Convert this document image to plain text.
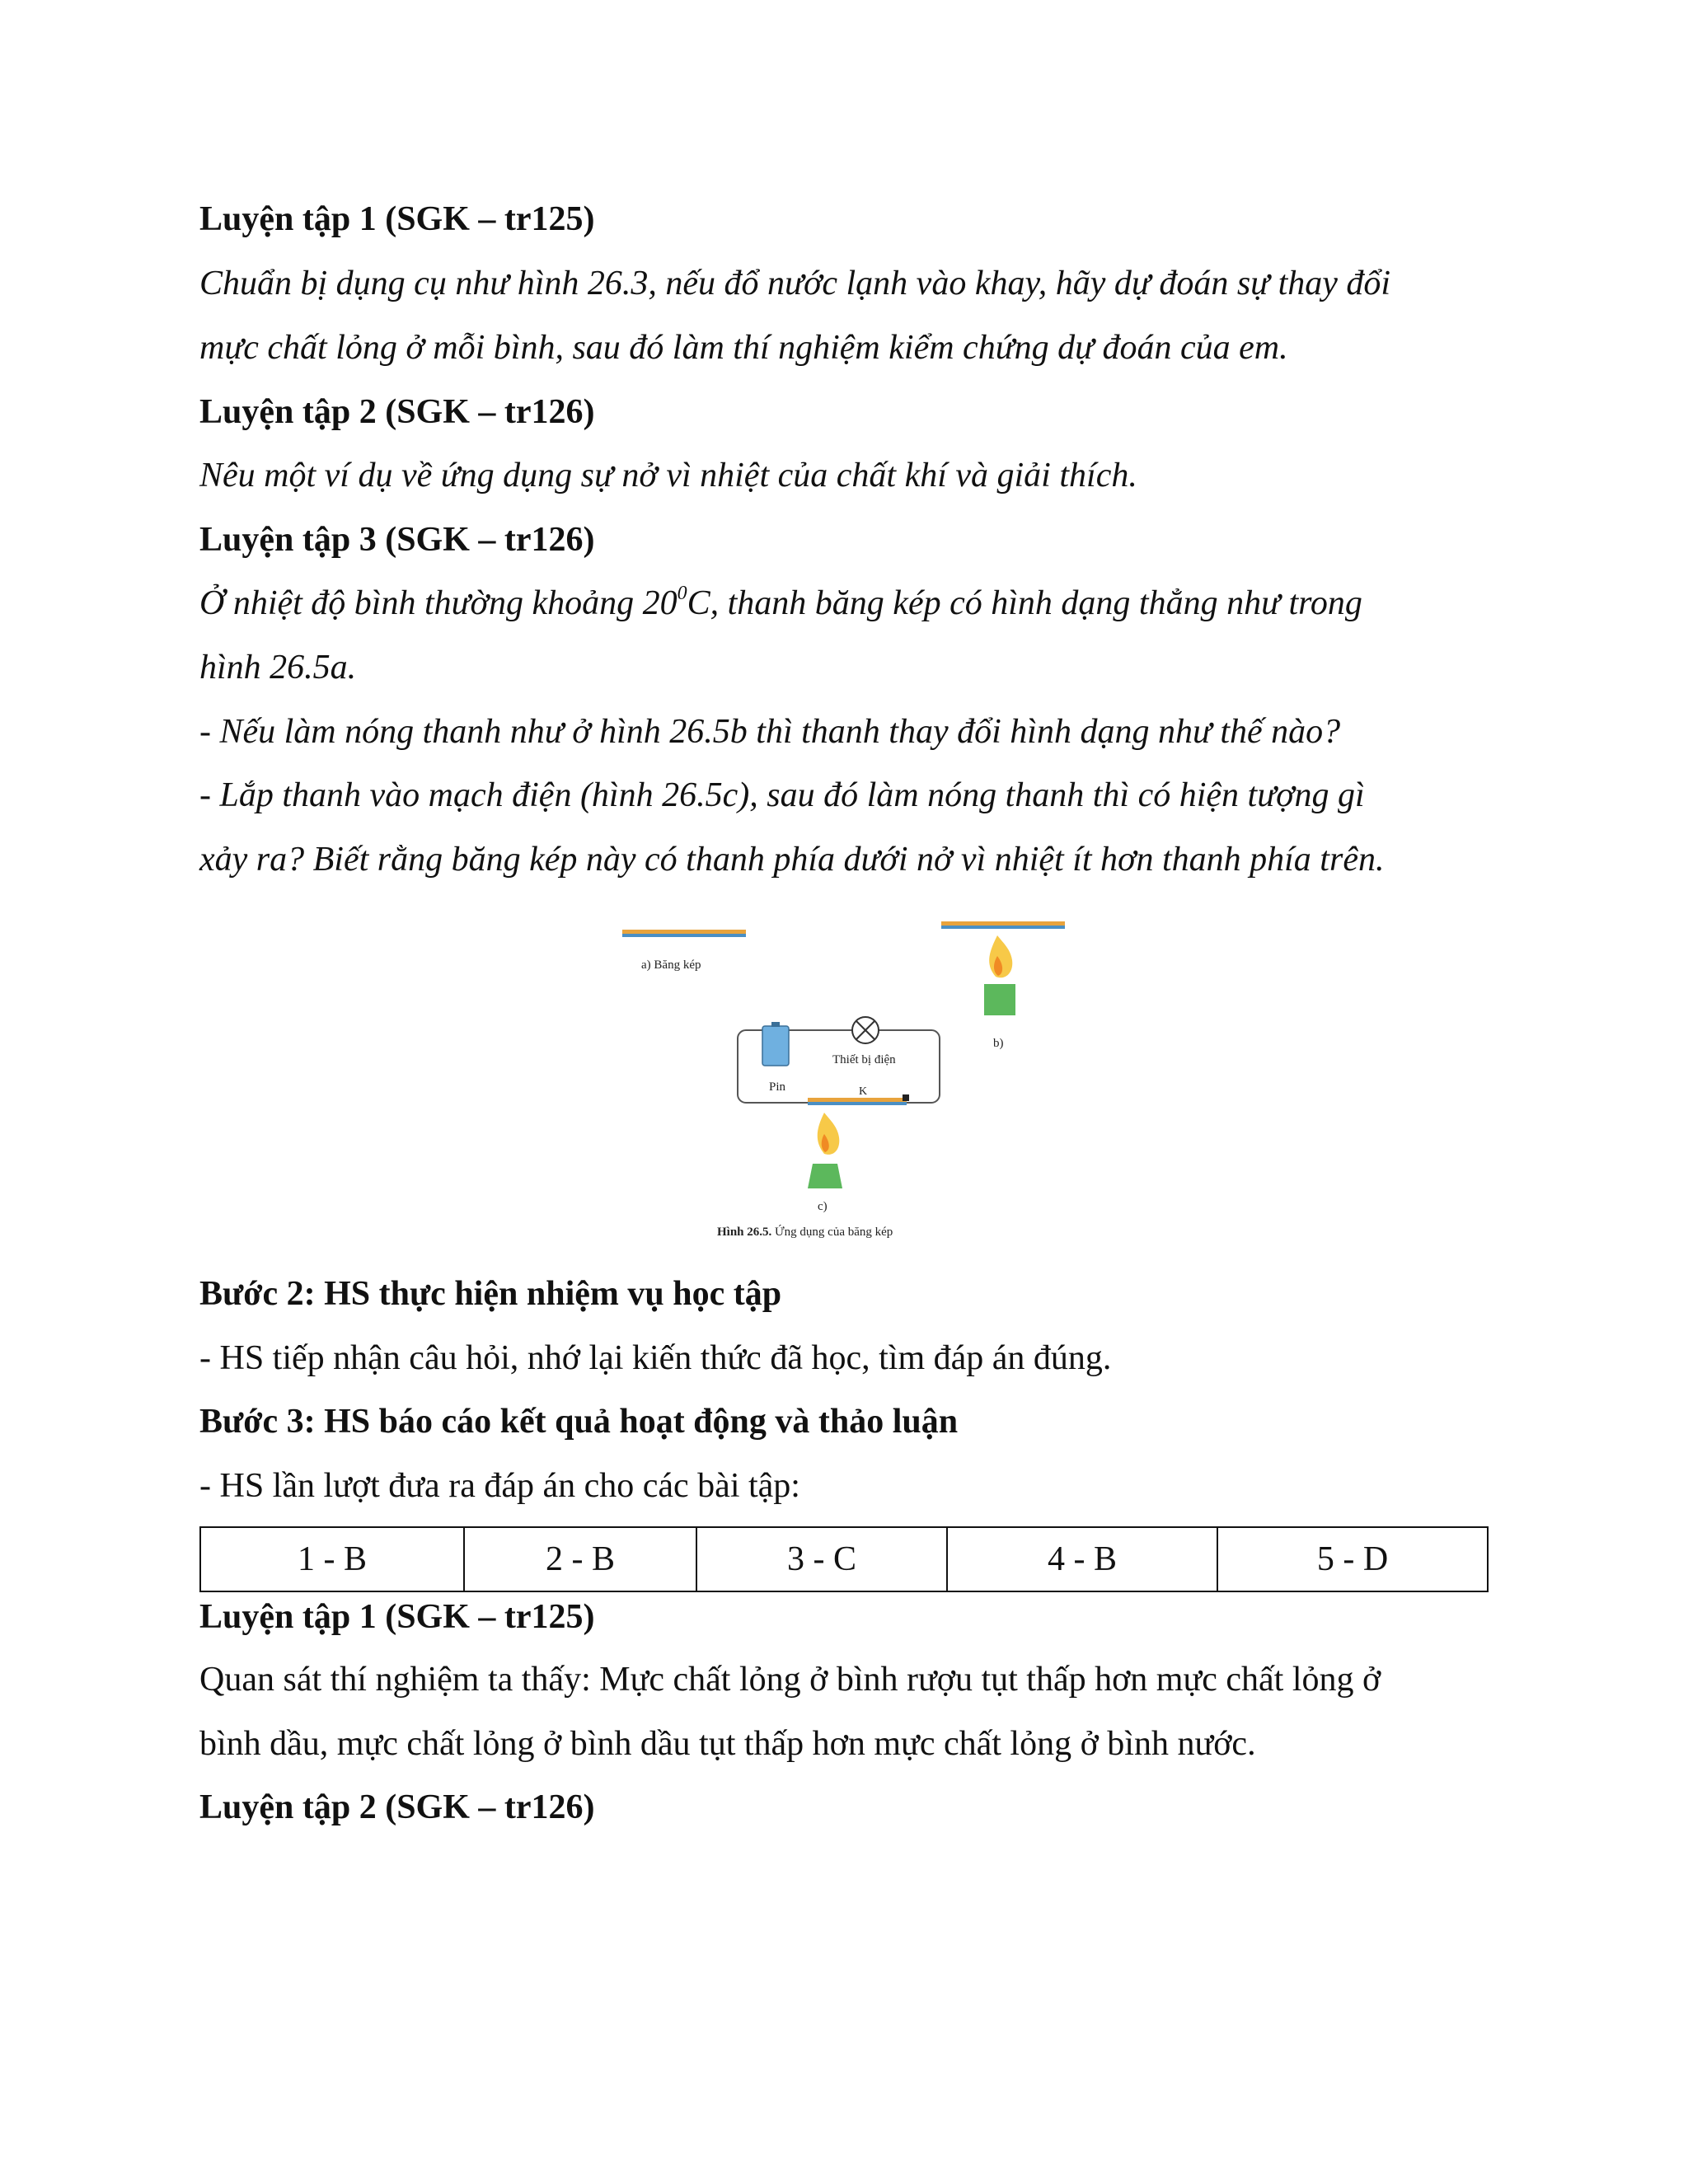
Luyện tập 1 (SGK – tr125)
Chuẩn bị dụng cụ như hình 26.3, nếu đổ nước lạnh vào khay, hãy dự đoán sự thay đổi
mực chất lỏng ở mỗi bình, sau đó làm thí nghiệm kiểm chứng dự đoán của em.
Luyện tập 2 (SGK – tr126)
Nêu một ví dụ về ứng dụng sự nở vì nhiệt của chất khí và giải thích.
Luyện tập 3 (SGK – tr126)
Ở nhiệt độ bình thường khoảng $20^0C$, thanh băng kép có hình dạng thẳng như trong
hình 26.5a.
- Nếu làm nóng thanh như ở hình 26.5b thì thanh thay đổi hình dạng như thế nào?
- Lắp thanh vào mạch điện (hình 26.5c), sau đó làm nóng thanh thì có hiện tượng gì
xảy ra? Biết rằng băng kép này có thanh phía dưới nở vì nhiệt ít hơn thanh phía trên.
a) Băng kép
b)
Thiết bị điện
Pin	K
c)
Hình 26.5. Ứng dụng của băng kép
Bước 2: HS thực hiện nhiệm vụ học tập
- HS tiếp nhận câu hỏi, nhớ lại kiến thức đã học, tìm đáp án đúng.
Bước 3: HS báo cáo kết quả hoạt động và thảo luận
- HS lần lượt đưa ra đáp án cho các bài tập:
1 - B	2 - B	3 - C	4 - B	5 - D
Luyện tập 1 (SGK – tr125)
Quan sát thí nghiệm ta thấy: Mực chất lỏng ở bình rượu tụt thấp hơn mực chất lỏng ở
bình dầu, mực chất lỏng ở bình dầu tụt thấp hơn mực chất lỏng ở bình nước.
Luyện tập 2 (SGK – tr126)
